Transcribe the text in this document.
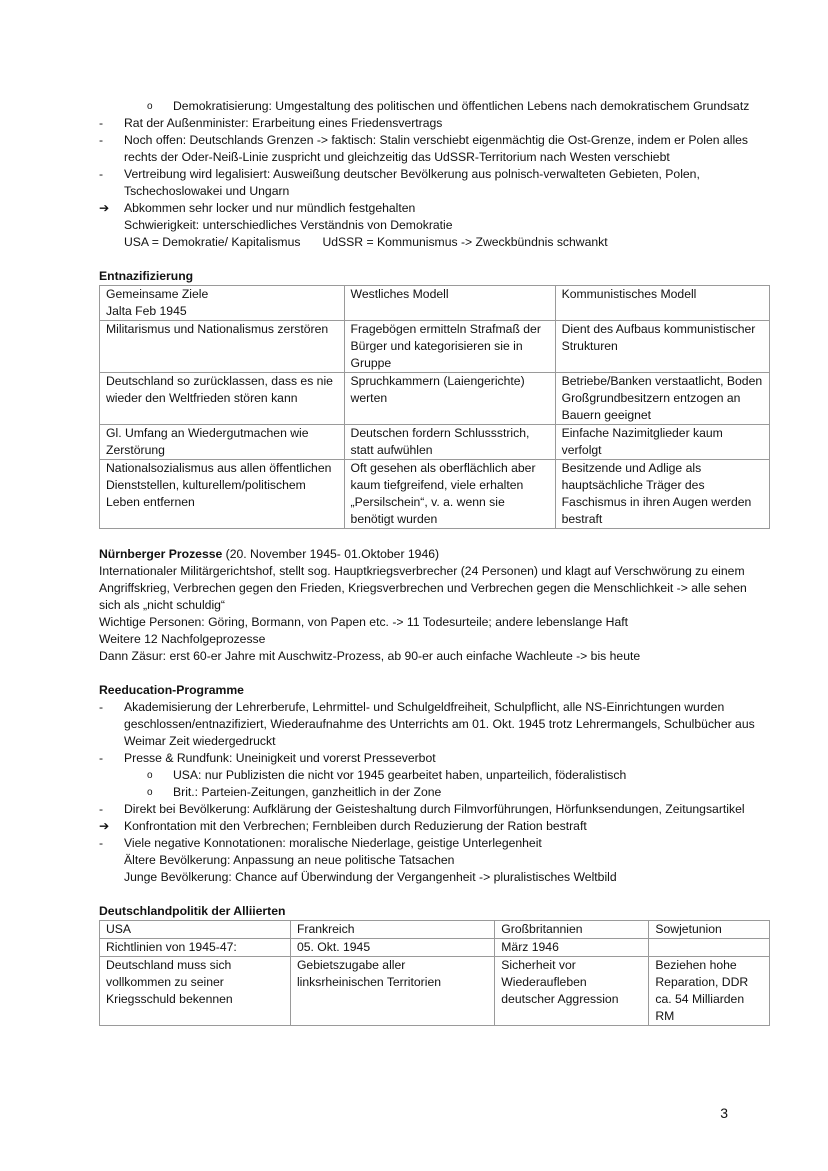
o Demokratisierung: Umgestaltung des politischen und öffentlichen Lebens nach demokratischem Grundsatz
- Rat der Außenminister: Erarbeitung eines Friedensvertrags
- Noch offen: Deutschlands Grenzen -> faktisch: Stalin verschiebt eigenmächtig die Ost-Grenze, indem er Polen alles rechts der Oder-Neiß-Linie zuspricht und gleichzeitig das UdSSR-Territorium nach Westen verschiebt
- Vertreibung wird legalisiert: Ausweißung deutscher Bevölkerung aus polnisch-verwalteten Gebieten, Polen, Tschechoslowakei und Ungarn
➔ Abkommen sehr locker und nur mündlich festgehalten
Schwierigkeit: unterschiedliches Verständnis von Demokratie
USA = Demokratie/ Kapitalismus UdSSR = Kommunismus -> Zweckbündnis schwankt
Entnazifizierung
Gemeinsame Ziele
Jalta Feb 1945	Westliches Modell	Kommunistisches Modell
Militarismus und Nationalismus zerstören	Fragebögen ermitteln Strafmaß der Bürger und kategorisieren sie in Gruppe	Dient des Aufbaus kommunistischer Strukturen
Deutschland so zurücklassen, dass es nie wieder den Weltfrieden stören kann	Spruchkammern (Laiengerichte) werten	Betriebe/Banken verstaatlicht, Boden Großgrundbesitzern entzogen an Bauern geeignet
Gl. Umfang an Wiedergutmachen wie Zerstörung	Deutschen fordern Schlussstrich, statt aufwühlen	Einfache Nazimitglieder kaum verfolgt
Nationalsozialismus aus allen öffentlichen Dienststellen, kulturellem/politischem Leben entfernen	Oft gesehen als oberflächlich aber kaum tiefgreifend, viele erhalten „Persilschein“, v. a. wenn sie benötigt wurden	Besitzende und Adlige als hauptsächliche Träger des Faschismus in ihren Augen werden bestraft
Nürnberger Prozesse (20. November 1945- 01.Oktober 1946)
Internationaler Militärgerichtshof, stellt sog. Hauptkriegsverbrecher (24 Personen) und klagt auf Verschwörung zu einem Angriffskrieg, Verbrechen gegen den Frieden, Kriegsverbrechen und Verbrechen gegen die Menschlichkeit -> alle sehen sich als „nicht schuldig“
Wichtige Personen: Göring, Bormann, von Papen etc. -> 11 Todesurteile; andere lebenslange Haft
Weitere 12 Nachfolgeprozesse
Dann Zäsur: erst 60-er Jahre mit Auschwitz-Prozess, ab 90-er auch einfache Wachleute -> bis heute
Reeducation-Programme
- Akademisierung der Lehrerberufe, Lehrmittel- und Schulgeldfreiheit, Schulpflicht, alle NS-Einrichtungen wurden geschlossen/entnazifiziert, Wiederaufnahme des Unterrichts am 01. Okt. 1945 trotz Lehrermangels, Schulbücher aus Weimar Zeit wiedergedruckt
- Presse & Rundfunk: Uneinigkeit und vorerst Presseverbot
o USA: nur Publizisten die nicht vor 1945 gearbeitet haben, unparteilich, föderalistisch
o Brit.: Parteien-Zeitungen, ganzheitlich in der Zone
- Direkt bei Bevölkerung: Aufklärung der Geisteshaltung durch Filmvorführungen, Hörfunksendungen, Zeitungsartikel
➔ Konfrontation mit den Verbrechen; Fernbleiben durch Reduzierung der Ration bestraft
- Viele negative Konnotationen: moralische Niederlage, geistige Unterlegenheit
Ältere Bevölkerung: Anpassung an neue politische Tatsachen
Junge Bevölkerung: Chance auf Überwindung der Vergangenheit -> pluralistisches Weltbild
Deutschlandpolitik der Alliierten
USA	Frankreich	Großbritannien	Sowjetunion
Richtlinien von 1945-47:	05. Okt. 1945	März 1946	
Deutschland muss sich vollkommen zu seiner Kriegsschuld bekennen	Gebietszugabe aller linksrheinischen Territorien	Sicherheit vor Wiederaufleben deutscher Aggression	Beziehen hohe Reparation, DDR ca. 54 Milliarden RM
3
